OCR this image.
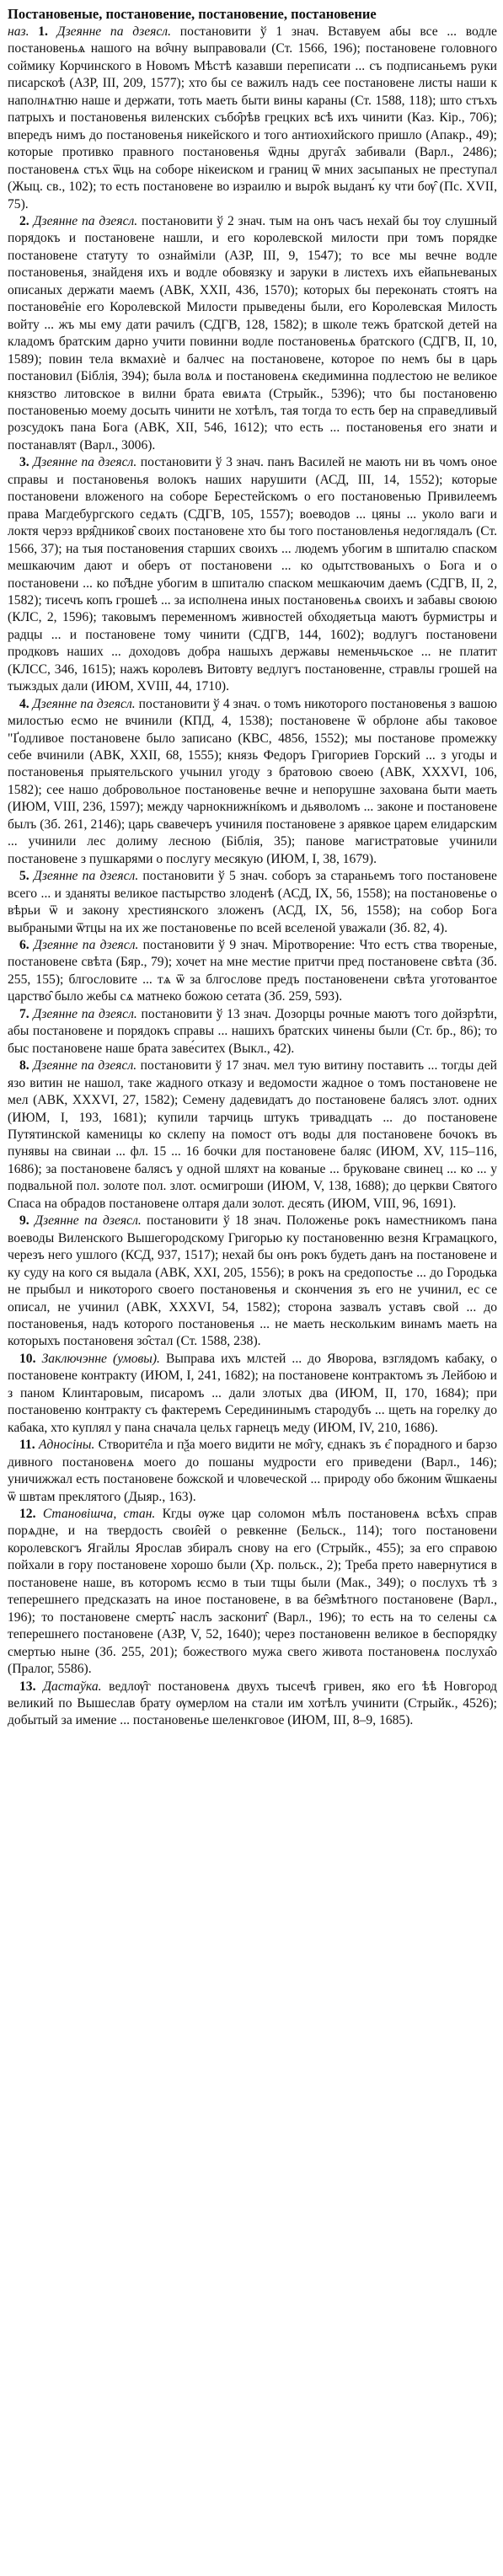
Постановеные, постановение, постановение, постановение

наз. 1. Дзеянне па дзеясл. постановити ў 1 знач. Вставуем абы все ... водле постановеньѧ нашого на во̑чну выправовали (Ст. 1566, 196); постановене головного соймику Корчинского в Новомъ Мѣстѣ казавши переписати ... съ подписаньемъ руки писарскоѣ (АЗР, III, 209, 1577); хто бы се важилъ надъ сее постановене листы наши к наполнѧтню наше и держати, тоть маеть быти вины караны (Ст. 1588, 118); што стъхъ патрыхъ и постановенья виленских събо̑рѣв грецких всѣ ихъ чинити (Каз. Кір., 706); впередъ нимъ до постановенья никейского и того антиохийского пришло (Апакр., 49); которые противко правного постановенья ѿдны друга̑х забивали (Варл., 2486); постановенѧ стъх ѿць на соборе нікеиском и границ ѿ мних засыпаных не преступал (Жыц. св., 102); то есть постановене во израилю и выро̑к выданъ́ ку чти бѹ̑ (Пс. XVII, 75).

2. Дзеянне па дзеясл. постановити ў 2 знач. тым на онъ часъ нехай бы тоу слушный порядокъ и постановене нашли, и его королевской милости при томъ порядке постановене статуту то ознайміли (АЗР, III, 9, 1547); то все мы вечне водле постановенья, знайденя ихъ и водле обовязку и заруки в листехъ ихъ ейапьневаных описаных держати маемъ (АВК, XXII, 436, 1570); которых бы переконать стоятъ на постанове̑ніе его Королевской Милости прыведены были, его Королевская Милость войту ... жъ мы ему дати рачилъ (СДГВ, 128, 1582); в школе тежъ братской детей на кладомъ братским дарно учити повинни водле постановеньѧ братского (СДГВ, II, 10, 1589); повин тела вкмахиѐ и балчес на постановене, которое по немъ бы в царь постановил (Біблія, 394); была волѧ и постановенѧ єкедиминна подлестою не великое князство литовское в вилни брата евиѧта (Стрыйк., 5396); что бы постановеню постановенью моему досыть чинити не хотѣлъ, тая тогда то есть бер на справедливый розсудокъ пана Бога (АВК, XII, 546, 1612); что есть ... постановенья его знати и постанавлят (Варл., 3006).

3. Дзеянне па дзеясл. постановити ў 3 знач. панъ Василей не мають ни въ чомъ оное справы и постановенья волокъ наших нарушити (АСД, III, 14, 1552); которые постановени вложеного на соборе Берестейскомъ о его постановенью Привилеемъ права Магдебургского седѧть (СДГВ, 105, 1557); воеводов ... цяны ... уколо ваги и локтя черэз вря̑дников̑ своих постановене хто бы того постановленья недоглядалъ (Ст. 1566, 37); на тыя постановения старших своихъ ... людемъ убогим в шпиталю спаском мешкаючим дают и оберъ от постановени ... ко одытствованыхъ о Бога и о постановени ... ко по̑ѣдне убогим в шпиталю спаском мешкаючим даемъ (СДГВ, II, 2, 1582); тисечъ копъ грошеѣ ... за исполнена иных постановеньѧ своихъ и забавы своюю (КЛС, 2, 1596); таковымъ переменномъ живностей обходяетьца маютъ бурмистры и радцы ... и постановене тому чинити (СДГВ, 144, 1602); водлугъ постановени продковъ наших ... доходовъ добра нашыхъ державы неменьчьское ... не платит (КЛСС, 346, 1615); нажъ королевъ Витовту ведлугъ постановенне, стравлы грошей на тыжздых дали (ИЮМ, XVIII, 44, 1710).

4. Дзеянне па дзеясл. постановити ў 4 знач. о томъ никоторого постановенья з вашою милостью есмо не вчинили (КПД, 4, 1538); постановене ѿ обрлоне абы таковое "Ґодливое постановене было записано (КВС, 4856, 1552); мы постанове промежку себе вчинили (АВК, XXII, 68, 1555); князь Федоръ Григориев Горский ... з угоды и постановенья прыятельского учынил угоду з братовою своею (АВК, XXXVI, 106, 1582); сее нашо добровольное постановенье вечне и непорушне захована быти маеть (ИЮМ, VIII, 236, 1597); между чарнокнижнíкомъ и дьяволомъ ... законе и постановене былъ (3б. 261, 2146); царь свавечеръ учиниля постановене з арявкое царем елидарским ... учинили лес долиму лесною (Біблія, 35); панове магистратовые учинили постановене з пушкарями о послугу месякую (ИЮМ, I, 38, 1679).

5. Дзеянне па дзеясл. постановити ў 5 знач. соборъ за стараньемъ того постановене всего ... и зданяты великое пастырство злоденѣ (АСД, IX, 56, 1558); на постановенье о вѣрьи ѿ и закону хрестиянского зложенъ (АСД, IX, 56, 1558); на собор Бога выбраными ѿтцы на их же постановенье по всей вселеной уважали (Зб. 82, 4).

6. Дзеянне па дзеясл. постановити ў 9 знач. Міротворение: Что естъ ства твореные, постановене свѣта (Бяр., 79); хочет на мне местие притчи пред постановене свѣта (Зб. 255, 155); блгословите ... тѧ ѿ за блгослове предъ постановенени свѣта уготовантое царство̑ было жебы сѧ матнеко божою сетата (Зб. 259, 593).

7. Дзеянне па дзеясл. постановити ў 13 знач. Дозорцы рочные маютъ того дойзрѣти, абы постановене и порядокъ справы ... нашихъ братских чинены были (Ст. бр., 86); то быс постановене наше брата заве́ситех (Выкл., 42).

8. Дзеянне па дзеясл. постановити ў 17 знач. мел тую витину поставить ... тогды дей язо витин не нашол, таке жадного отказу и ведомости жадное о томъ постановене не мел (АВК, XXXVI, 27, 1582); Семену дадевидатъ до постановене балясъ злот. одних (ИЮМ, I, 193, 1681); купили тарчиць штукъ тривадцать ... до постановене Путятинской каменицы ко склепу на помост отъ воды для постановене бочокъ въ пунявы на свинаи ... фл. 15 ... 16 бочки для постановене баляс (ИЮМ, XV, 115–116, 1686); за постановене балясъ у одной шляхт на кованые ... бруковане свинец ... ко ... у подвальной пол. золоте пол. злот. осмигроши (ИЮМ, V, 138, 1688); до церкви Святого Спаса на обрадов постановене олтаря дали золот. десять (ИЮМ, VIII, 96, 1691).

9. Дзеянне па дзеясл. постановити ў 18 знач. Положенье рокъ наместникомъ пана воеводы Виленского Вышегородскому Григорью ку постановенню везня Кграмацкого, черезъ него ушлого (КСД, 937, 1517); нехай бы онъ рокъ будеть данъ на постановене и ку суду на кого ся выдала (АВК, XXI, 205, 1556); в рокъ на средопостье ... до Городька не прыбыл и никоторого своего постановенья и скончения зъ его не учинил, ес се описал, не учинил (АВК, XXXVI, 54, 1582); сторона зазвалъ уставъ свой ... до постановенья, надъ которого постановенья ... не маеть нескольким винамъ маеть на которыхъ постановеня зо̑стал (Ст. 1588, 238).

10. Заключэнне (умовы). Выправа ихъ млстей ... до Яворова, взглядомъ кабаку, о постановене контракту (ИЮМ, I, 241, 1682); на постановене контрактомъ зъ Лейбою и з паном Клинтаровым, писаромъ ... дали злотых два (ИЮМ, II, 170, 1684); при постановеню контракту съ фактеремъ Середининымъ стародубъ ... щеть на горелку до кабака, хто куплял у пана сначала цельх гарнецъ меду (ИЮМ, IV, 210, 1686).

11. Адносіны. Створите̑ла и пѯа моего видити не мо̑гу, єднакъ зъ є̑ порадного и барзо дивного постановенѧ моего до пошаны мудрости его приведени (Варл., 146); уничижжал есть постановене божской и чловеческой ... природу обо бжоним ѿшкаены ѿ швтам преклятого (Дыяр., 163).

12. Становішча, стан. Кгды ѹже цар соломон мѣлъ постановенѧ всѣхъ справ порѧдне, и на твердость свои̑ей о ревкенне (Бельск., 114); того постановени королевскогъ Ягайлы Ярослав збиралъ снову на его (Стрыйк., 455); за его справою пойхали в гору постановене хорошо были (Хр. польск., 2); Треба прето навернутися в постановене наше, въ которомъ ѥсмо в тыи тщы были (Мак., 349); о послухъ тѣ з теперешнего предсказать на иное постановене, в ва бе̑змѣтного постановене (Варл., 196); то постановене смерть̑ наслъ засконит̑ (Варл., 196); то есть на то селены сѧ теперешнего постановене (АЗР, V, 52, 1640); через постановенн великое в беспорядку смертью ныне (Зб. 255, 201); божествого мужа свего живота постановенѧ послуха̑о (Пралог, 5586).

13. Дастаўка. ведлѹ̑г постановенѧ двухъ тысечѣ гривен, яко его ѣѣ Новгород великий по Вышеслав брату ѹмерлом на стали им хотѣлъ учинити (Стрыйк., 4526); добытый за имение ... постановенье шеленкговое (ИЮМ, III, 8–9, 1685).
